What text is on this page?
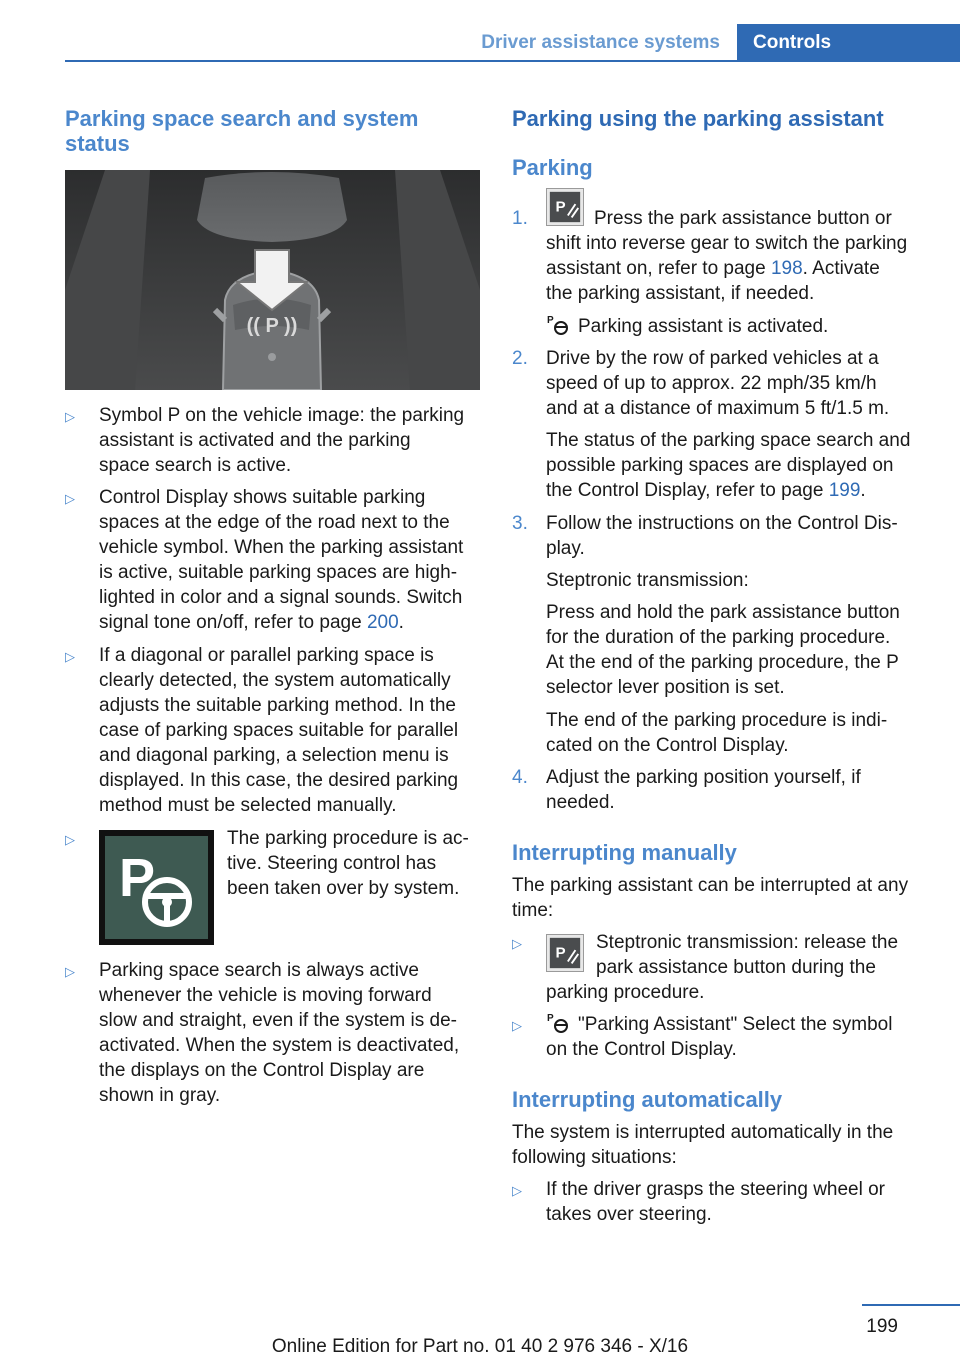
Driver assistance systems	Controls
Parking space search and system
status
(( P ))
▷ Symbol P on the vehicle image: the parking
assistant is activated and the parking
space search is active.
▷ Control Display shows suitable parking
spaces at the edge of the road next to the
vehicle symbol. When the parking assistant
is active, suitable parking spaces are high‐
lighted in color and a signal sounds. Switch
signal tone on/off, refer to page 200.
▷ If a diagonal or parallel parking space is
clearly detected, the system automatically
adjusts the suitable parking method. In the
case of parking spaces suitable for parallel
and diagonal parking, a selection menu is
displayed. In this case, the desired parking
method must be selected manually.
▷
P
The parking procedure is ac‐
tive. Steering control has
been taken over by system.
▷ Parking space search is always active
whenever the vehicle is moving forward
slow and straight, even if the system is de‐
activated. When the system is deactivated,
the displays on the Control Display are
shown in gray.
Parking using the parking assistant
Parking
1.
P
Press the park assistance button or
shift into reverse gear to switch the parking
assistant on, refer to page 198. Activate
the parking assistant, if needed.
P Parking assistant is activated.
2. Drive by the row of parked vehicles at a
speed of up to approx. 22 mph/35 km/h
and at a distance of maximum 5 ft/1.5 m.
The status of the parking space search and
possible parking spaces are displayed on
the Control Display, refer to page 199.
3. Follow the instructions on the Control Dis‐
play.
Steptronic transmission:
Press and hold the park assistance button
for the duration of the parking procedure.
At the end of the parking procedure, the P
selector lever position is set.
The end of the parking procedure is indi‐
cated on the Control Display.
4. Adjust the parking position yourself, if
needed.
Interrupting manually
The parking assistant can be interrupted at any
time:
▷
P
Steptronic transmission: release the
park assistance button during the
parking procedure.
▷	P "Parking Assistant" Select the symbol
on the Control Display.
Interrupting automatically
The system is interrupted automatically in the
following situations:
▷ If the driver grasps the steering wheel or
takes over steering.
199
Online Edition for Part no. 01 40 2 976 346 - X/16
